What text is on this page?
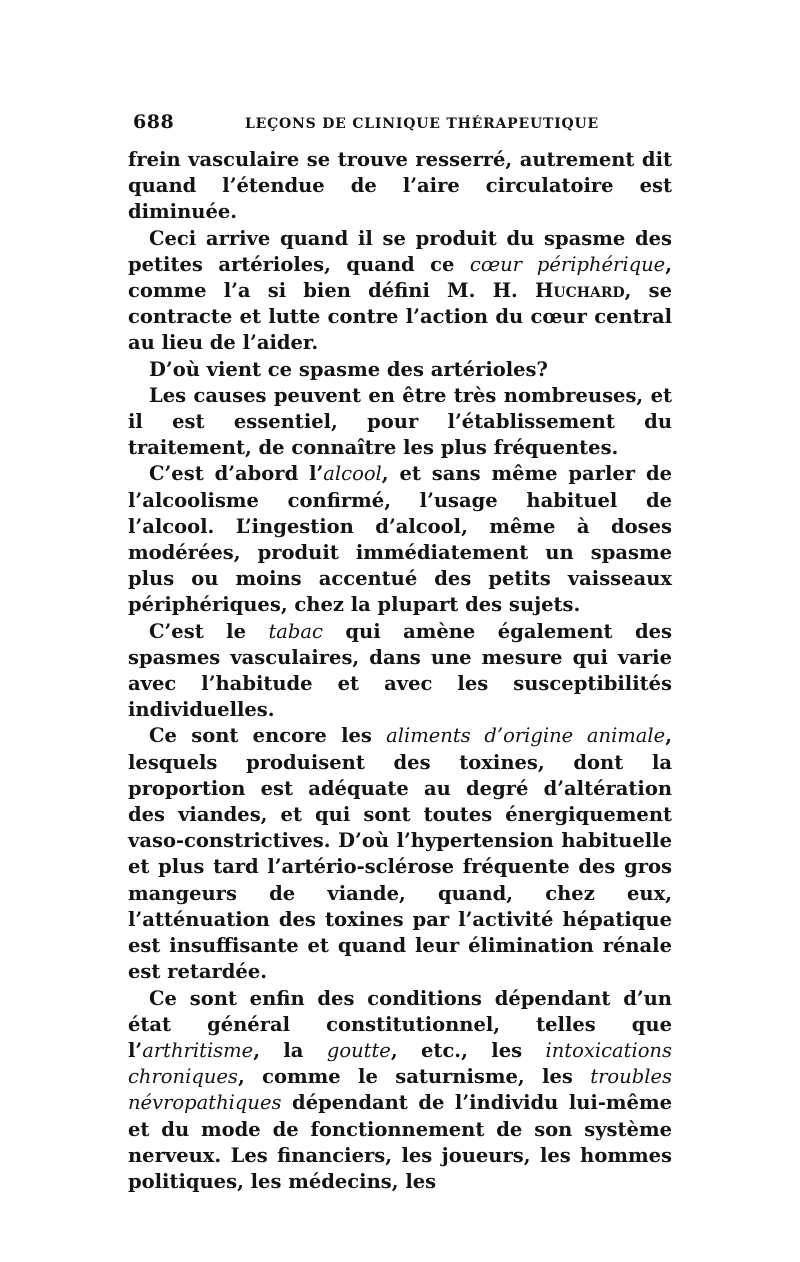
688	LEÇONS DE CLINIQUE THÉRAPEUTIQUE

frein vasculaire se trouve resserré, autrement dit quand l’étendue de l’aire circulatoire est diminuée.

Ceci arrive quand il se produit du spasme des petites artérioles, quand ce cœur périphérique, comme l’a si bien défini M. H. Huchard, se contracte et lutte contre l’action du cœur central au lieu de l’aider.

D’où vient ce spasme des artérioles?

Les causes peuvent en être très nombreuses, et il est essentiel, pour l’établissement du traitement, de connaître les plus fréquentes.

C’est d’abord l’alcool, et sans même parler de l’alcoolisme confirmé, l’usage habituel de l’alcool. L’ingestion d’alcool, même à doses modérées, produit immédiatement un spasme plus ou moins accentué des petits vaisseaux périphériques, chez la plupart des sujets.

C’est le tabac qui amène également des spasmes vasculaires, dans une mesure qui varie avec l’habitude et avec les susceptibilités individuelles.

Ce sont encore les aliments d’origine animale, lesquels produisent des toxines, dont la proportion est adéquate au degré d’altération des viandes, et qui sont toutes énergiquement vaso-constrictives. D’où l’hypertension habituelle et plus tard l’artério-sclérose fréquente des gros mangeurs de viande, quand, chez eux, l’atténuation des toxines par l’activité hépatique est insuffisante et quand leur élimination rénale est retardée.

Ce sont enfin des conditions dépendant d’un état général constitutionnel, telles que l’arthritisme, la goutte, etc., les intoxications chroniques, comme le saturnisme, les troubles névropathiques dépendant de l’individu lui-même et du mode de fonctionnement de son système nerveux. Les financiers, les joueurs, les hommes politiques, les médecins, les
